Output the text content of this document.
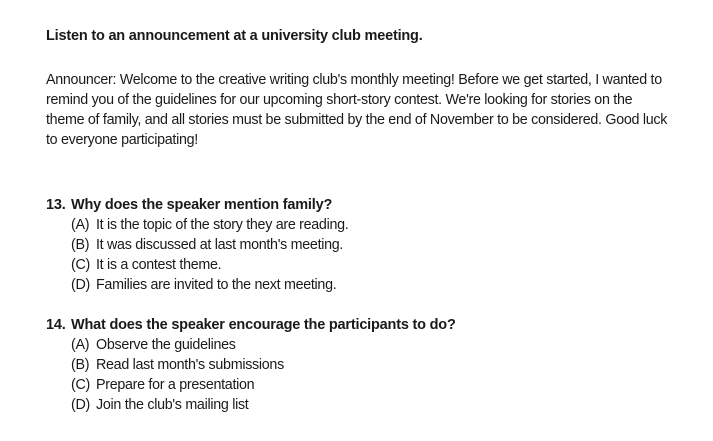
Listen to an announcement at a university club meeting.

Announcer: Welcome to the creative writing club's monthly meeting! Before we get started, I wanted to remind you of the guidelines for our upcoming short-story contest. We're looking for stories on the theme of family, and all stories must be submitted by the end of November to be considered. Good luck to everyone participating!

13. Why does the speaker mention family?
(A) It is the topic of the story they are reading.
(B) It was discussed at last month's meeting.
(C) It is a contest theme.
(D) Families are invited to the next meeting.
14. What does the speaker encourage the participants to do?
(A) Observe the guidelines
(B) Read last month's submissions
(C) Prepare for a presentation
(D) Join the club's mailing list
